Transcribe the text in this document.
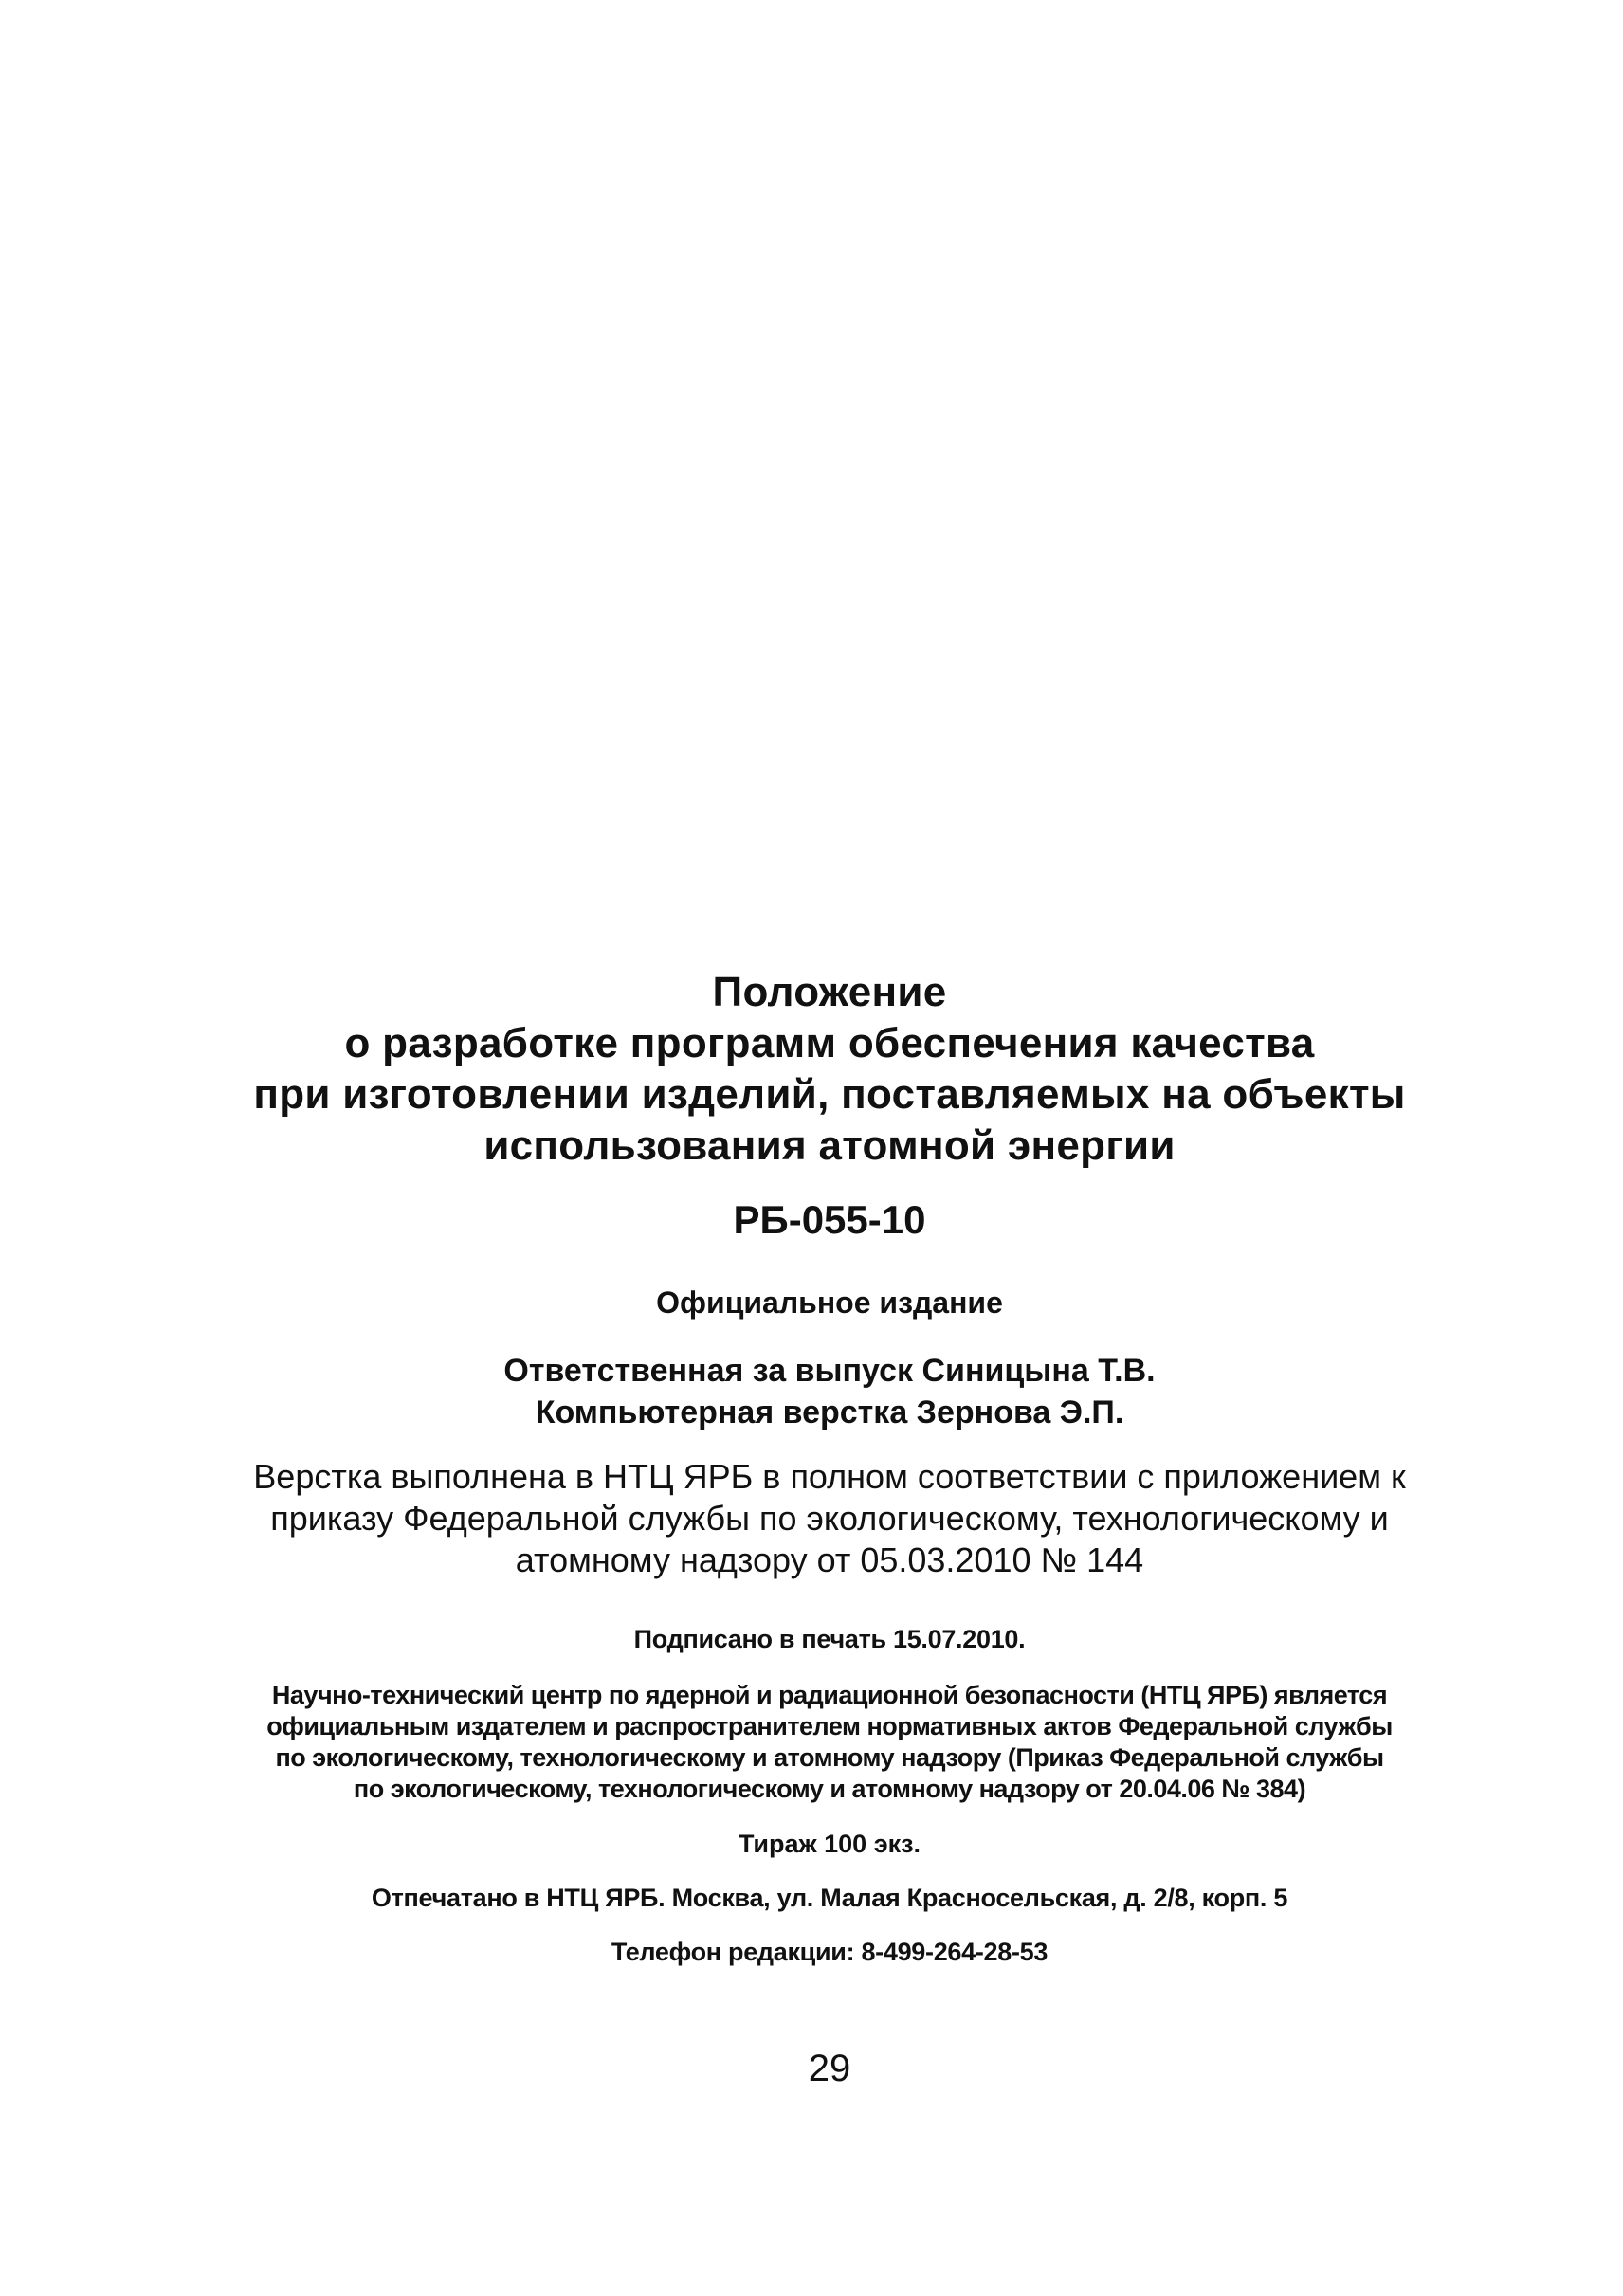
Положение
о разработке программ обеспечения качества
при изготовлении изделий, поставляемых на объекты
использования атомной энергии
РБ-055-10
Официальное издание
Ответственная за выпуск Синицына Т.В.
Компьютерная верстка Зернова Э.П.
Верстка выполнена в НТЦ ЯРБ в полном соответствии с приложением к
приказу Федеральной службы по экологическому, технологическому и
атомному надзору от 05.03.2010 № 144
Подписано в печать 15.07.2010.
Научно-технический центр по ядерной и радиационной безопасности (НТЦ ЯРБ) является
официальным издателем и распространителем нормативных актов Федеральной службы
по экологическому, технологическому и атомному надзору (Приказ Федеральной службы
по экологическому, технологическому и атомному надзору от 20.04.06 № 384)
Тираж 100 экз.
Отпечатано в НТЦ ЯРБ. Москва, ул. Малая Красносельская, д. 2/8, корп. 5
Телефон редакции: 8-499-264-28-53
29
